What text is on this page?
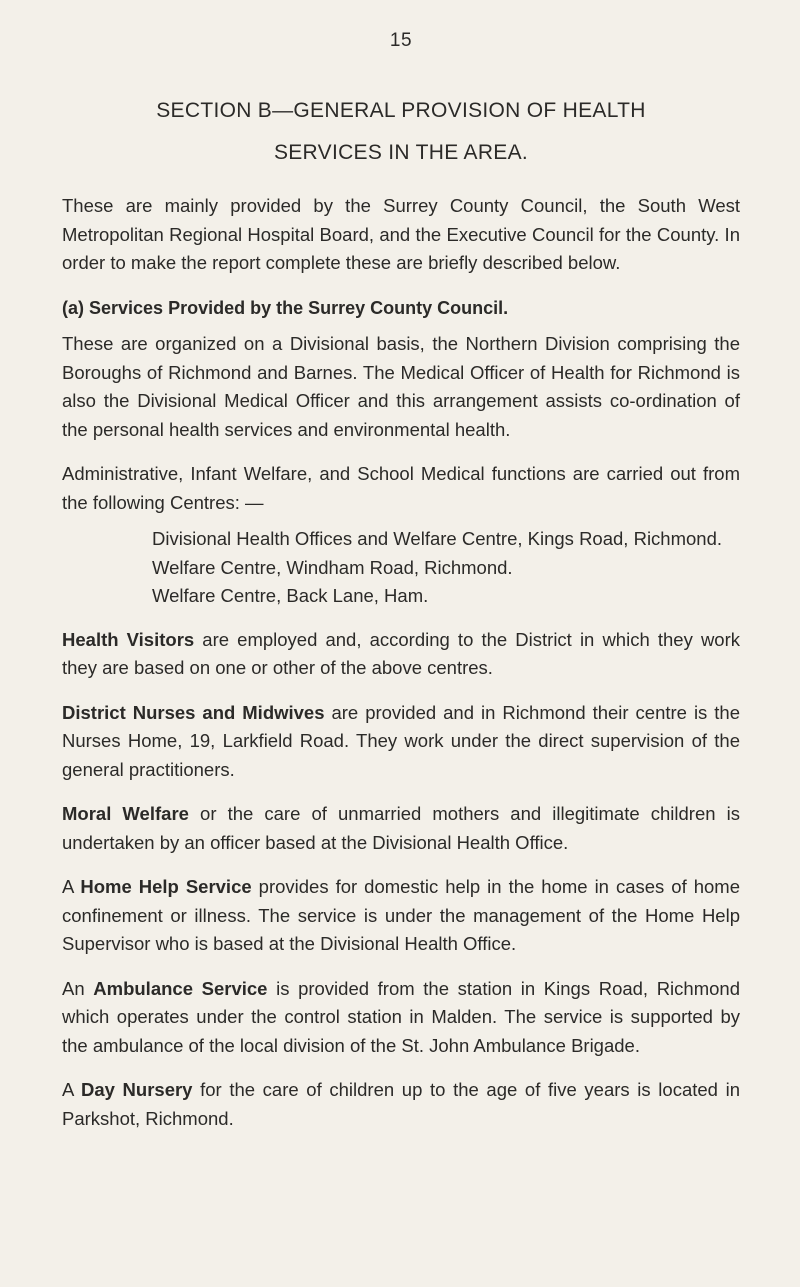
15
SECTION B—GENERAL PROVISION OF HEALTH
SERVICES IN THE AREA.

These are mainly provided by the Surrey County Council, the South West Metropolitan Regional Hospital Board, and the Executive Council for the County. In order to make the report complete these are briefly described below.

(a) Services Provided by the Surrey County Council.

These are organized on a Divisional basis, the Northern Division comprising the Boroughs of Richmond and Barnes. The Medical Officer of Health for Richmond is also the Divisional Medical Officer and this arrangement assists co-ordination of the personal health services and environmental health.

Administrative, Infant Welfare, and School Medical functions are carried out from the following Centres: —

Divisional Health Offices and Welfare Centre, Kings Road, Richmond.
Welfare Centre, Windham Road, Richmond.
Welfare Centre, Back Lane, Ham.

Health Visitors are employed and, according to the District in which they work they are based on one or other of the above centres.

District Nurses and Midwives are provided and in Richmond their centre is the Nurses Home, 19, Larkfield Road. They work under the direct supervision of the general practitioners.

Moral Welfare or the care of unmarried mothers and illegitimate children is undertaken by an officer based at the Divisional Health Office.

A Home Help Service provides for domestic help in the home in cases of home confinement or illness. The service is under the management of the Home Help Supervisor who is based at the Divisional Health Office.

An Ambulance Service is provided from the station in Kings Road, Richmond which operates under the control station in Malden. The service is supported by the ambulance of the local division of the St. John Ambulance Brigade.

A Day Nursery for the care of children up to the age of five years is located in Parkshot, Richmond.
